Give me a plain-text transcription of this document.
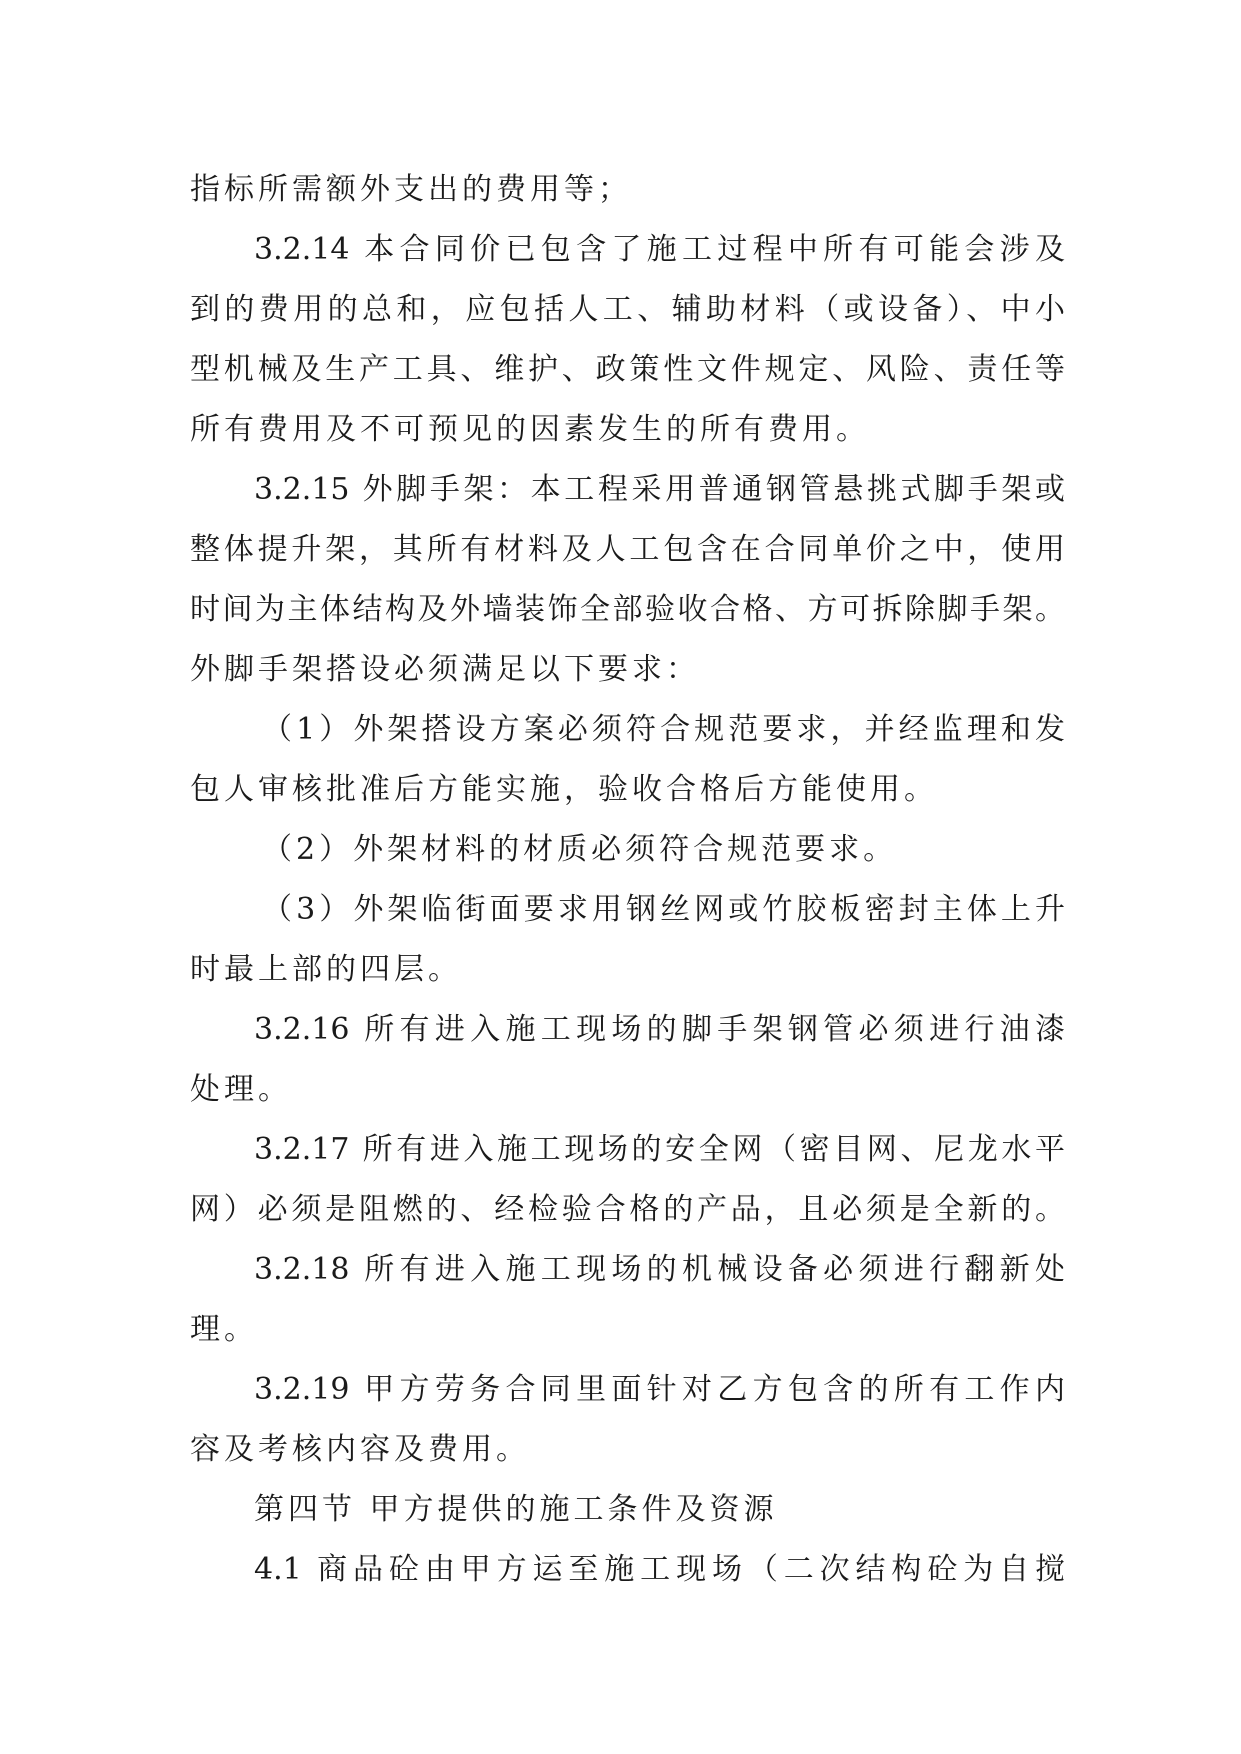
指标所需额外支出的费用等；
3.2.14 本合同价已包含了施工过程中所有可能会涉及
到的费用的总和，应包括人工、辅助材料（或设备）、中小
型机械及生产工具、维护、政策性文件规定、风险、责任等
所有费用及不可预见的因素发生的所有费用。
3.2.15 外脚手架：本工程采用普通钢管悬挑式脚手架或
整体提升架，其所有材料及人工包含在合同单价之中，使用
时间为主体结构及外墙装饰全部验收合格、方可拆除脚手架。
外脚手架搭设必须满足以下要求：
（1）外架搭设方案必须符合规范要求，并经监理和发
包人审核批准后方能实施，验收合格后方能使用。
（2）外架材料的材质必须符合规范要求。
（3）外架临街面要求用钢丝网或竹胶板密封主体上升
时最上部的四层。
3.2.16 所有进入施工现场的脚手架钢管必须进行油漆
处理。
3.2.17 所有进入施工现场的安全网（密目网、尼龙水平
网）必须是阻燃的、经检验合格的产品，且必须是全新的。
3.2.18 所有进入施工现场的机械设备必须进行翻新处
理。
3.2.19 甲方劳务合同里面针对乙方包含的所有工作内
容及考核内容及费用。
第四节 甲方提供的施工条件及资源
4.1 商品砼由甲方运至施工现场（二次结构砼为自搅
